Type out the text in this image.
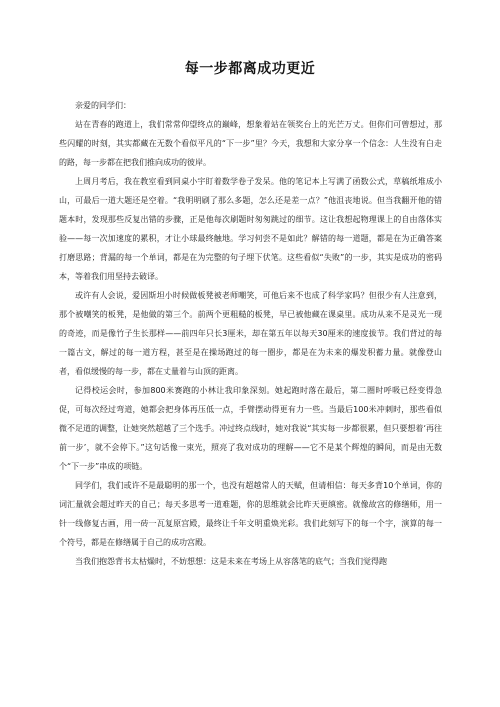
每一步都离成功更近

亲爱的同学们：

站在青春的跑道上，我们常常仰望终点的巅峰，想象着站在领奖台上的光芒万丈。但你们可曾想过，那些闪耀的时刻，其实都藏在无数个看似平凡的“下一步”里？今天，我想和大家分享一个信念：人生没有白走的路，每一步都在把我们推向成功的彼岸。

上周月考后，我在教室看到同桌小宇盯着数学卷子发呆。他的笔记本上写满了函数公式，草稿纸堆成小山，可最后一道大题还是空着。“我明明刷了那么多题，怎么还是差一点？”他沮丧地说。但当我翻开他的错题本时，发现那些反复出错的步骤，正是他每次刷题时匆匆跳过的细节。这让我想起物理课上的自由落体实验——每一次加速度的累积，才让小球最终触地。学习何尝不是如此？解错的每一道题，都是在为正确答案打磨思路；背漏的每一个单词，都是在为完整的句子埋下伏笔。这些看似“失败”的一步，其实是成功的密码本，等着我们用坚持去破译。

或许有人会说，爱因斯坦小时候做板凳被老师嘲笑，可他后来不也成了科学家吗？但很少有人注意到，那个被嘲笑的板凳，是他做的第三个。前两个更粗糙的板凳，早已被他藏在课桌里。成功从来不是灵光一现的奇迹，而是像竹子生长那样——前四年只长3厘米，却在第五年以每天30厘米的速度拔节。我们背过的每一篇古文，解过的每一道方程，甚至是在操场跑过的每一圈步，都是在为未来的爆发积蓄力量。就像登山者，看似缓慢的每一步，都在丈量着与山顶的距离。

记得校运会时，参加800米赛跑的小林让我印象深刻。她起跑时落在最后，第二圈时呼吸已经变得急促，可每次经过弯道，她都会把身体再压低一点，手臂摆动得更有力一些。当最后100米冲刺时，那些看似微不足道的调整，让她突然超越了三个选手。冲过终点线时，她对我说“其实每一步都很累，但只要想着‘再往前一步’，就不会停下。”这句话像一束光，照亮了我对成功的理解——它不是某个辉煌的瞬间，而是由无数个“下一步”串成的项链。

同学们，我们或许不是最聪明的那一个，也没有超越常人的天赋，但请相信：每天多背10个单词，你的词汇量就会超过昨天的自己；每天多思考一道难题，你的思维就会比昨天更缜密。就像故宫的修缮师，用一针一线修复古画，用一砖一瓦复原宫殿，最终让千年文明重焕光彩。我们此刻写下的每一个字，演算的每一个符号，都是在修缮属于自己的成功宫殿。

当我们抱怨背书太枯燥时，不妨想想：这是未来在考场上从容落笔的底气；当我们觉得跑
